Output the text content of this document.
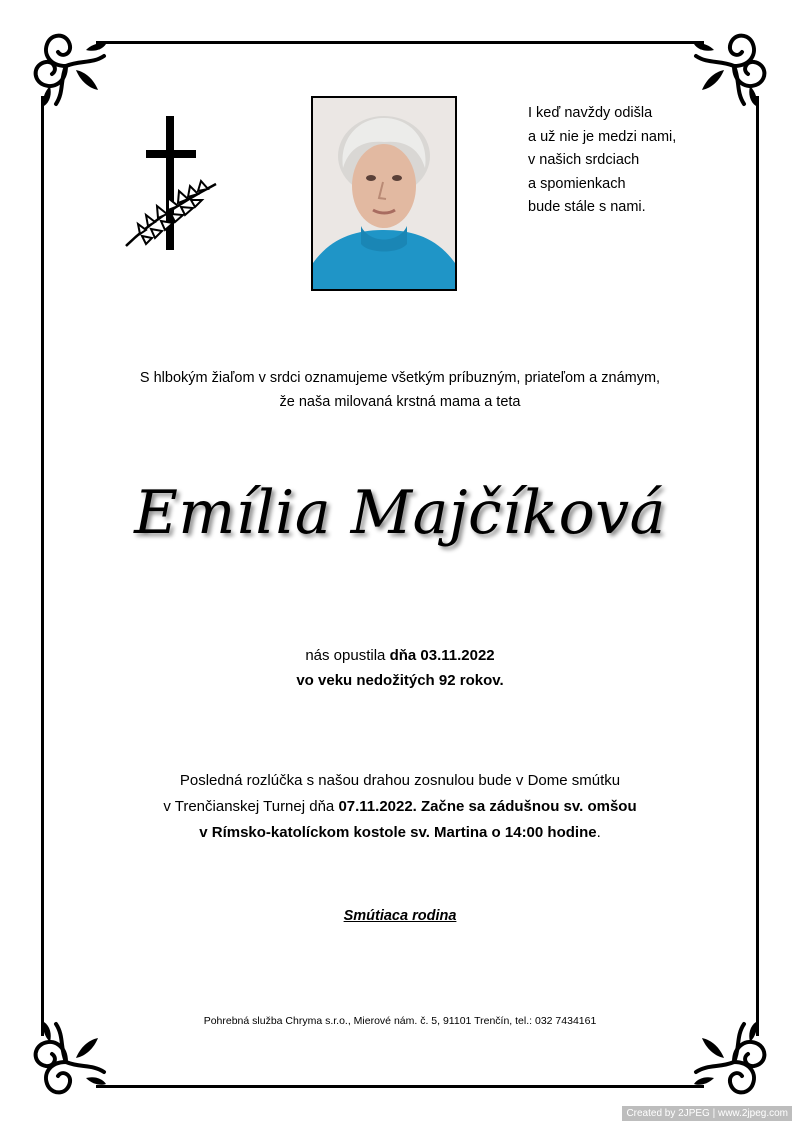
I keď navždy odišla
a už nie je medzi nami,
v našich srdciach
a spomienkach
bude stále s nami.
S hlbokým žiaľom v srdci oznamujeme všetkým príbuzným, priateľom a známym,
že naša milovaná krstná mama a teta
Emília Majčíková
nás opustila dňa 03.11.2022
vo veku nedožitých 92 rokov.
Posledná rozlúčka s našou drahou zosnulou bude v Dome smútku
v Trenčianskej Turnej dňa 07.11.2022. Začne sa zádušnou sv. omšou
v Rímsko-katolíckom kostole sv. Martina o 14:00 hodine.
Smútiaca rodina
Pohrebná služba Chryma s.r.o., Mierové nám. č. 5, 91101 Trenčín, tel.: 032 7434161
Created by 2JPEG | www.2jpeg.com
